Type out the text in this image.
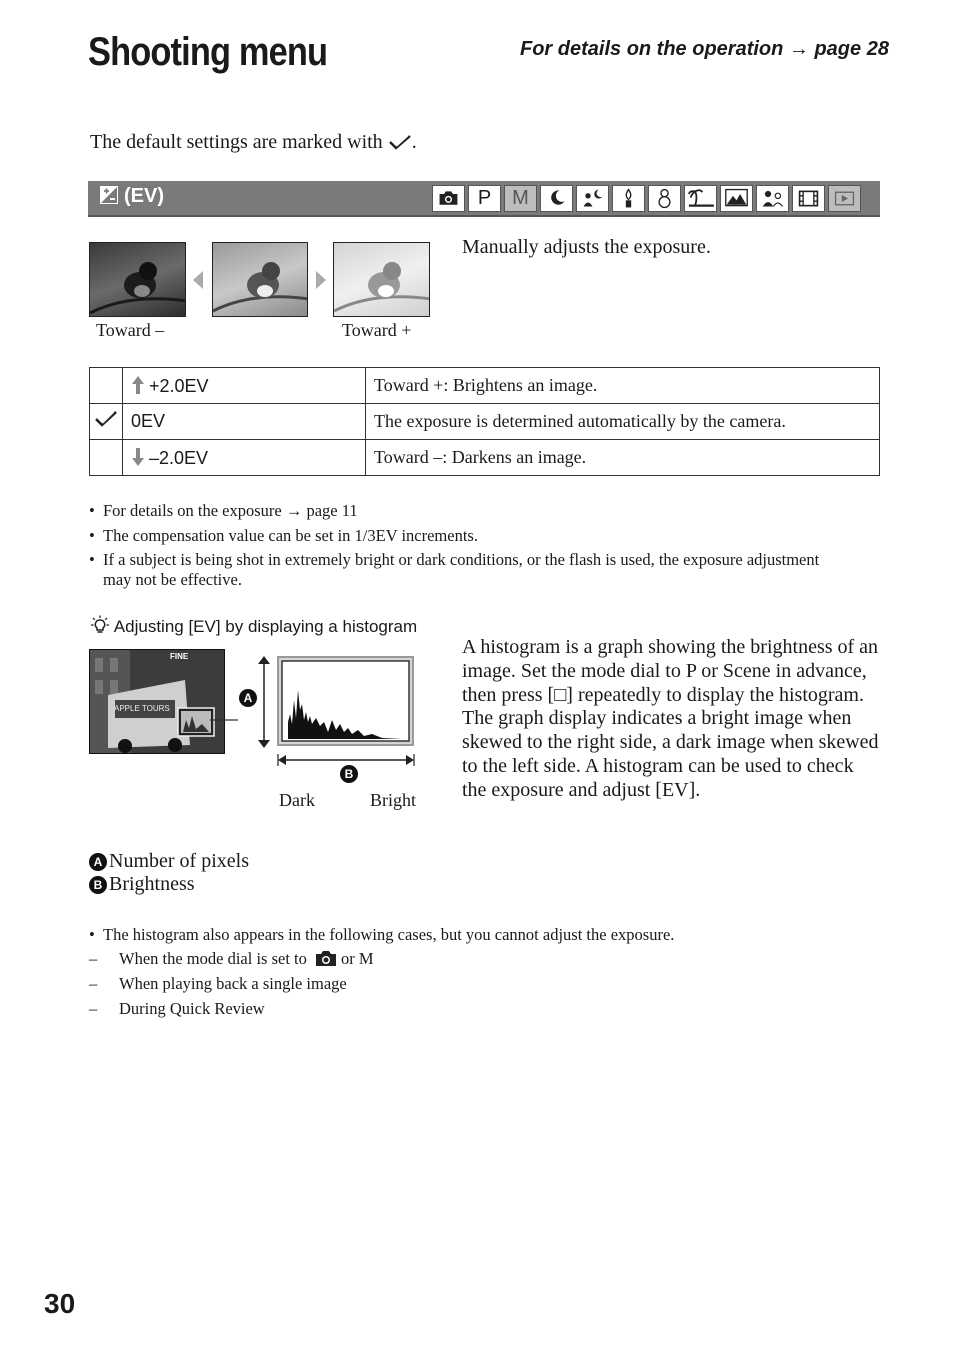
Shooting menu	For details on the operation → page 28
The default settings are marked with .
(EV)	P	M
Toward –	Toward +
Manually adjusts the exposure.
	+2.0EV	Toward +: Brightens an image.
	0EV	The exposure is determined automatically by the camera.
	–2.0EV	Toward –: Darkens an image.
• For details on the exposure → page 11
• The compensation value can be set in 1/3EV increments.
• If a subject is being shot in extremely bright or dark conditions, or the flash is used, the exposure adjustment may not be effective.
Adjusting [EV] by displaying a histogram
FINE
APPLE TOURS
A
B
Dark	Bright
A histogram is a graph showing the brightness of an image. Set the mode dial to P or Scene in advance, then press [□] repeatedly to display the histogram. The graph display indicates a bright image when skewed to the right side, a dark image when skewed to the left side. A histogram can be used to check the exposure and adjust [EV].
A Number of pixels
B Brightness
• The histogram also appears in the following cases, but you cannot adjust the exposure.
– When the mode dial is set to or M
– When playing back a single image
– During Quick Review
30
